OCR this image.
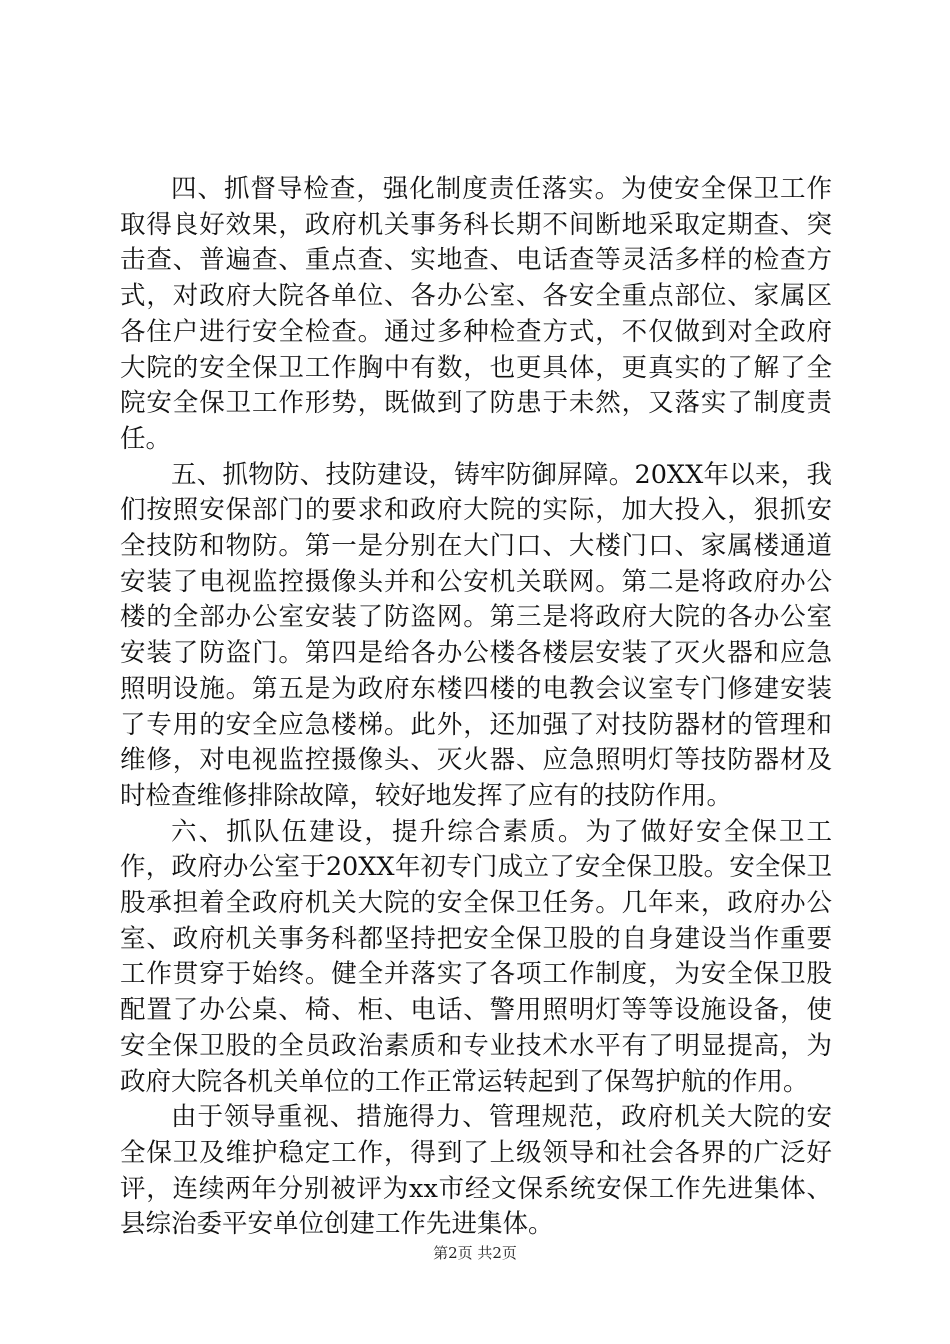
四、抓督导检查，强化制度责任落实。为使安全保卫工作取得良好效果，政府机关事务科长期不间断地采取定期查、突击查、普遍查、重点查、实地查、电话查等灵活多样的检查方式，对政府大院各单位、各办公室、各安全重点部位、家属区各住户进行安全检查。通过多种检查方式，不仅做到对全政府大院的安全保卫工作胸中有数，也更具体，更真实的了解了全院安全保卫工作形势，既做到了防患于未然，又落实了制度责任。

五、抓物防、技防建设，铸牢防御屏障。20XX年以来，我们按照安保部门的要求和政府大院的实际，加大投入，狠抓安全技防和物防。第一是分别在大门口、大楼门口、家属楼通道安装了电视监控摄像头并和公安机关联网。第二是将政府办公楼的全部办公室安装了防盗网。第三是将政府大院的各办公室安装了防盗门。第四是给各办公楼各楼层安装了灭火器和应急照明设施。第五是为政府东楼四楼的电教会议室专门修建安装了专用的安全应急楼梯。此外，还加强了对技防器材的管理和维修，对电视监控摄像头、灭火器、应急照明灯等技防器材及时检查维修排除故障，较好地发挥了应有的技防作用。

六、抓队伍建设，提升综合素质。为了做好安全保卫工作，政府办公室于20XX年初专门成立了安全保卫股。安全保卫股承担着全政府机关大院的安全保卫任务。几年来，政府办公室、政府机关事务科都坚持把安全保卫股的自身建设当作重要工作贯穿于始终。健全并落实了各项工作制度，为安全保卫股配置了办公桌、椅、柜、电话、警用照明灯等等设施设备，使安全保卫股的全员政治素质和专业技术水平有了明显提高，为政府大院各机关单位的工作正常运转起到了保驾护航的作用。

由于领导重视、措施得力、管理规范，政府机关大院的安全保卫及维护稳定工作，得到了上级领导和社会各界的广泛好评，连续两年分别被评为xx市经文保系统安保工作先进集体、县综治委平安单位创建工作先进集体。

第2页 共2页
